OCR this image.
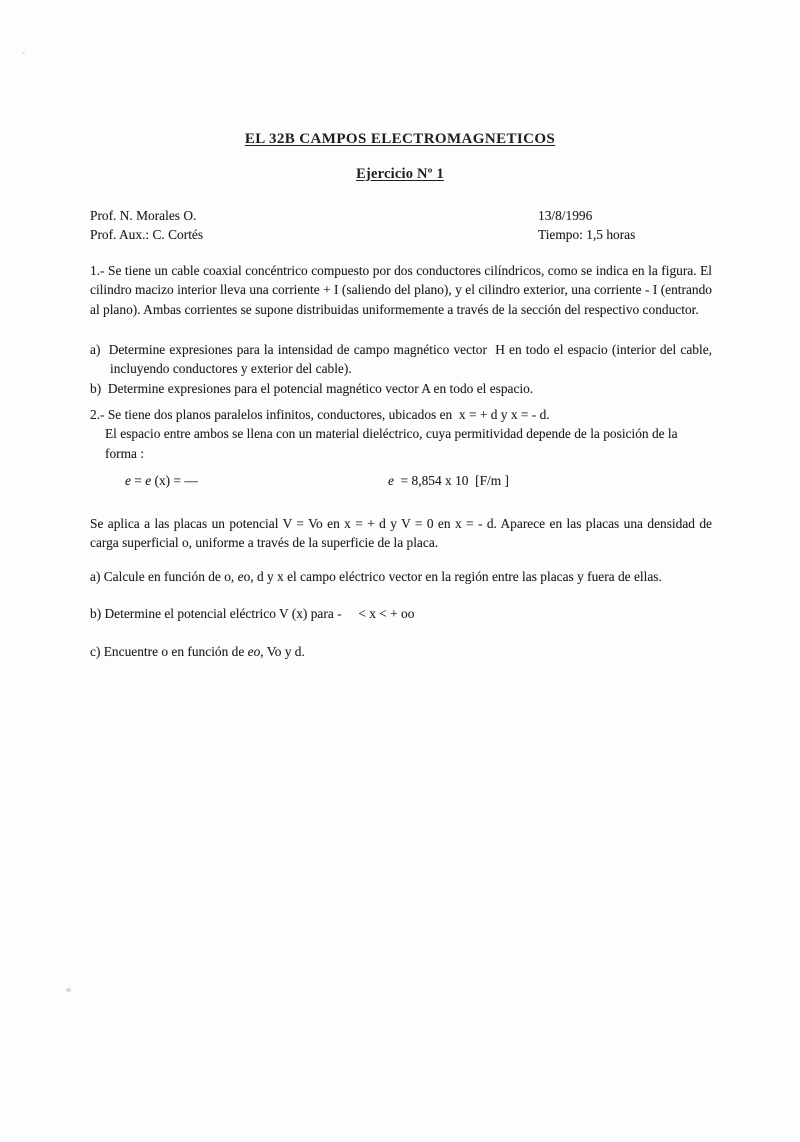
EL 32B CAMPOS ELECTROMAGNETICOS
Ejercicio Nº 1
Prof. N. Morales O.
Prof. Aux.: C. Cortés
13/8/1996
Tiempo: 1,5 horas
1.- Se tiene un cable coaxial concéntrico compuesto por dos conductores cilíndricos, como se indica en la figura. El cilindro macizo interior lleva una corriente + I (saliendo del plano), y el cilindro exterior, una corriente - I (entrando al plano). Ambas corrientes se supone distribuidas uniformemente a través de la sección del respectivo conductor.
a)  Determine expresiones para la intensidad de campo magnético vector  H en todo el espacio (interior del cable, incluyendo conductores y exterior del cable).
b)  Determine expresiones para el potencial magnético vector A en todo el espacio.
2.- Se tiene dos planos paralelos infinitos, conductores, ubicados en  x = + d y x = - d.
El espacio entre ambos se llena con un material dieléctrico, cuya permitividad depende de la posición de la forma :
e = e (x) = —	e  = 8,854 x 10  [F/m ]
Se aplica a las placas un potencial V = Vo en x = + d y V = 0 en x = - d. Aparece en las placas una densidad de carga superficial o, uniforme a través de la superficie de la placa.
a) Calcule en función de o, eo, d y x el campo eléctrico vector en la región entre las placas y fuera de ellas.
b) Determine el potencial eléctrico V (x) para -     < x < + oo
c) Encuentre o en función de eo, Vo y d.
